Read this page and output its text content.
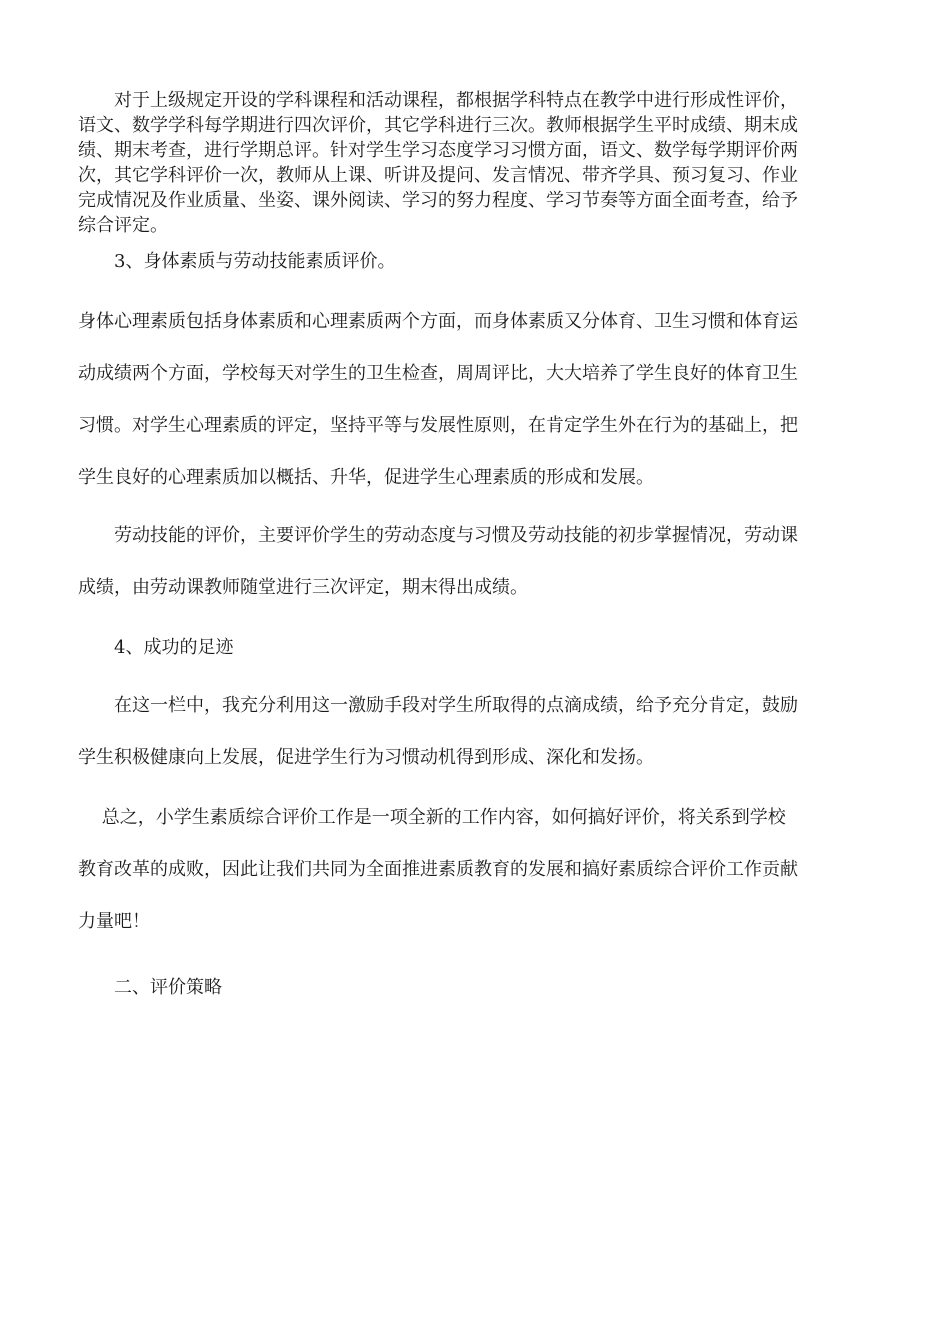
　　对于上级规定开设的学科课程和活动课程，都根据学科特点在教学中进行形成性评价，
语文、数学学科每学期进行四次评价，其它学科进行三次。教师根据学生平时成绩、期末成
绩、期末考查，进行学期总评。针对学生学习态度学习习惯方面，语文、数学每学期评价两
次，其它学科评价一次，教师从上课、听讲及提问、发言情况、带齐学具、预习复习、作业
完成情况及作业质量、坐姿、课外阅读、学习的努力程度、学习节奏等方面全面考查，给予
综合评定。
　　3、身体素质与劳动技能素质评价。
身体心理素质包括身体素质和心理素质两个方面，而身体素质又分体育、卫生习惯和体育运
动成绩两个方面，学校每天对学生的卫生检查，周周评比，大大培养了学生良好的体育卫生
习惯。对学生心理素质的评定，坚持平等与发展性原则，在肯定学生外在行为的基础上，把
学生良好的心理素质加以概括、升华，促进学生心理素质的形成和发展。
　　劳动技能的评价，主要评价学生的劳动态度与习惯及劳动技能的初步掌握情况，劳动课
成绩，由劳动课教师随堂进行三次评定，期末得出成绩。
　　4、成功的足迹
　　在这一栏中，我充分利用这一激励手段对学生所取得的点滴成绩，给予充分肯定，鼓励
学生积极健康向上发展，促进学生行为习惯动机得到形成、深化和发扬。
　 总之，小学生素质综合评价工作是一项全新的工作内容，如何搞好评价，将关系到学校
教育改革的成败，因此让我们共同为全面推进素质教育的发展和搞好素质综合评价工作贡献
力量吧！
　　二、评价策略
